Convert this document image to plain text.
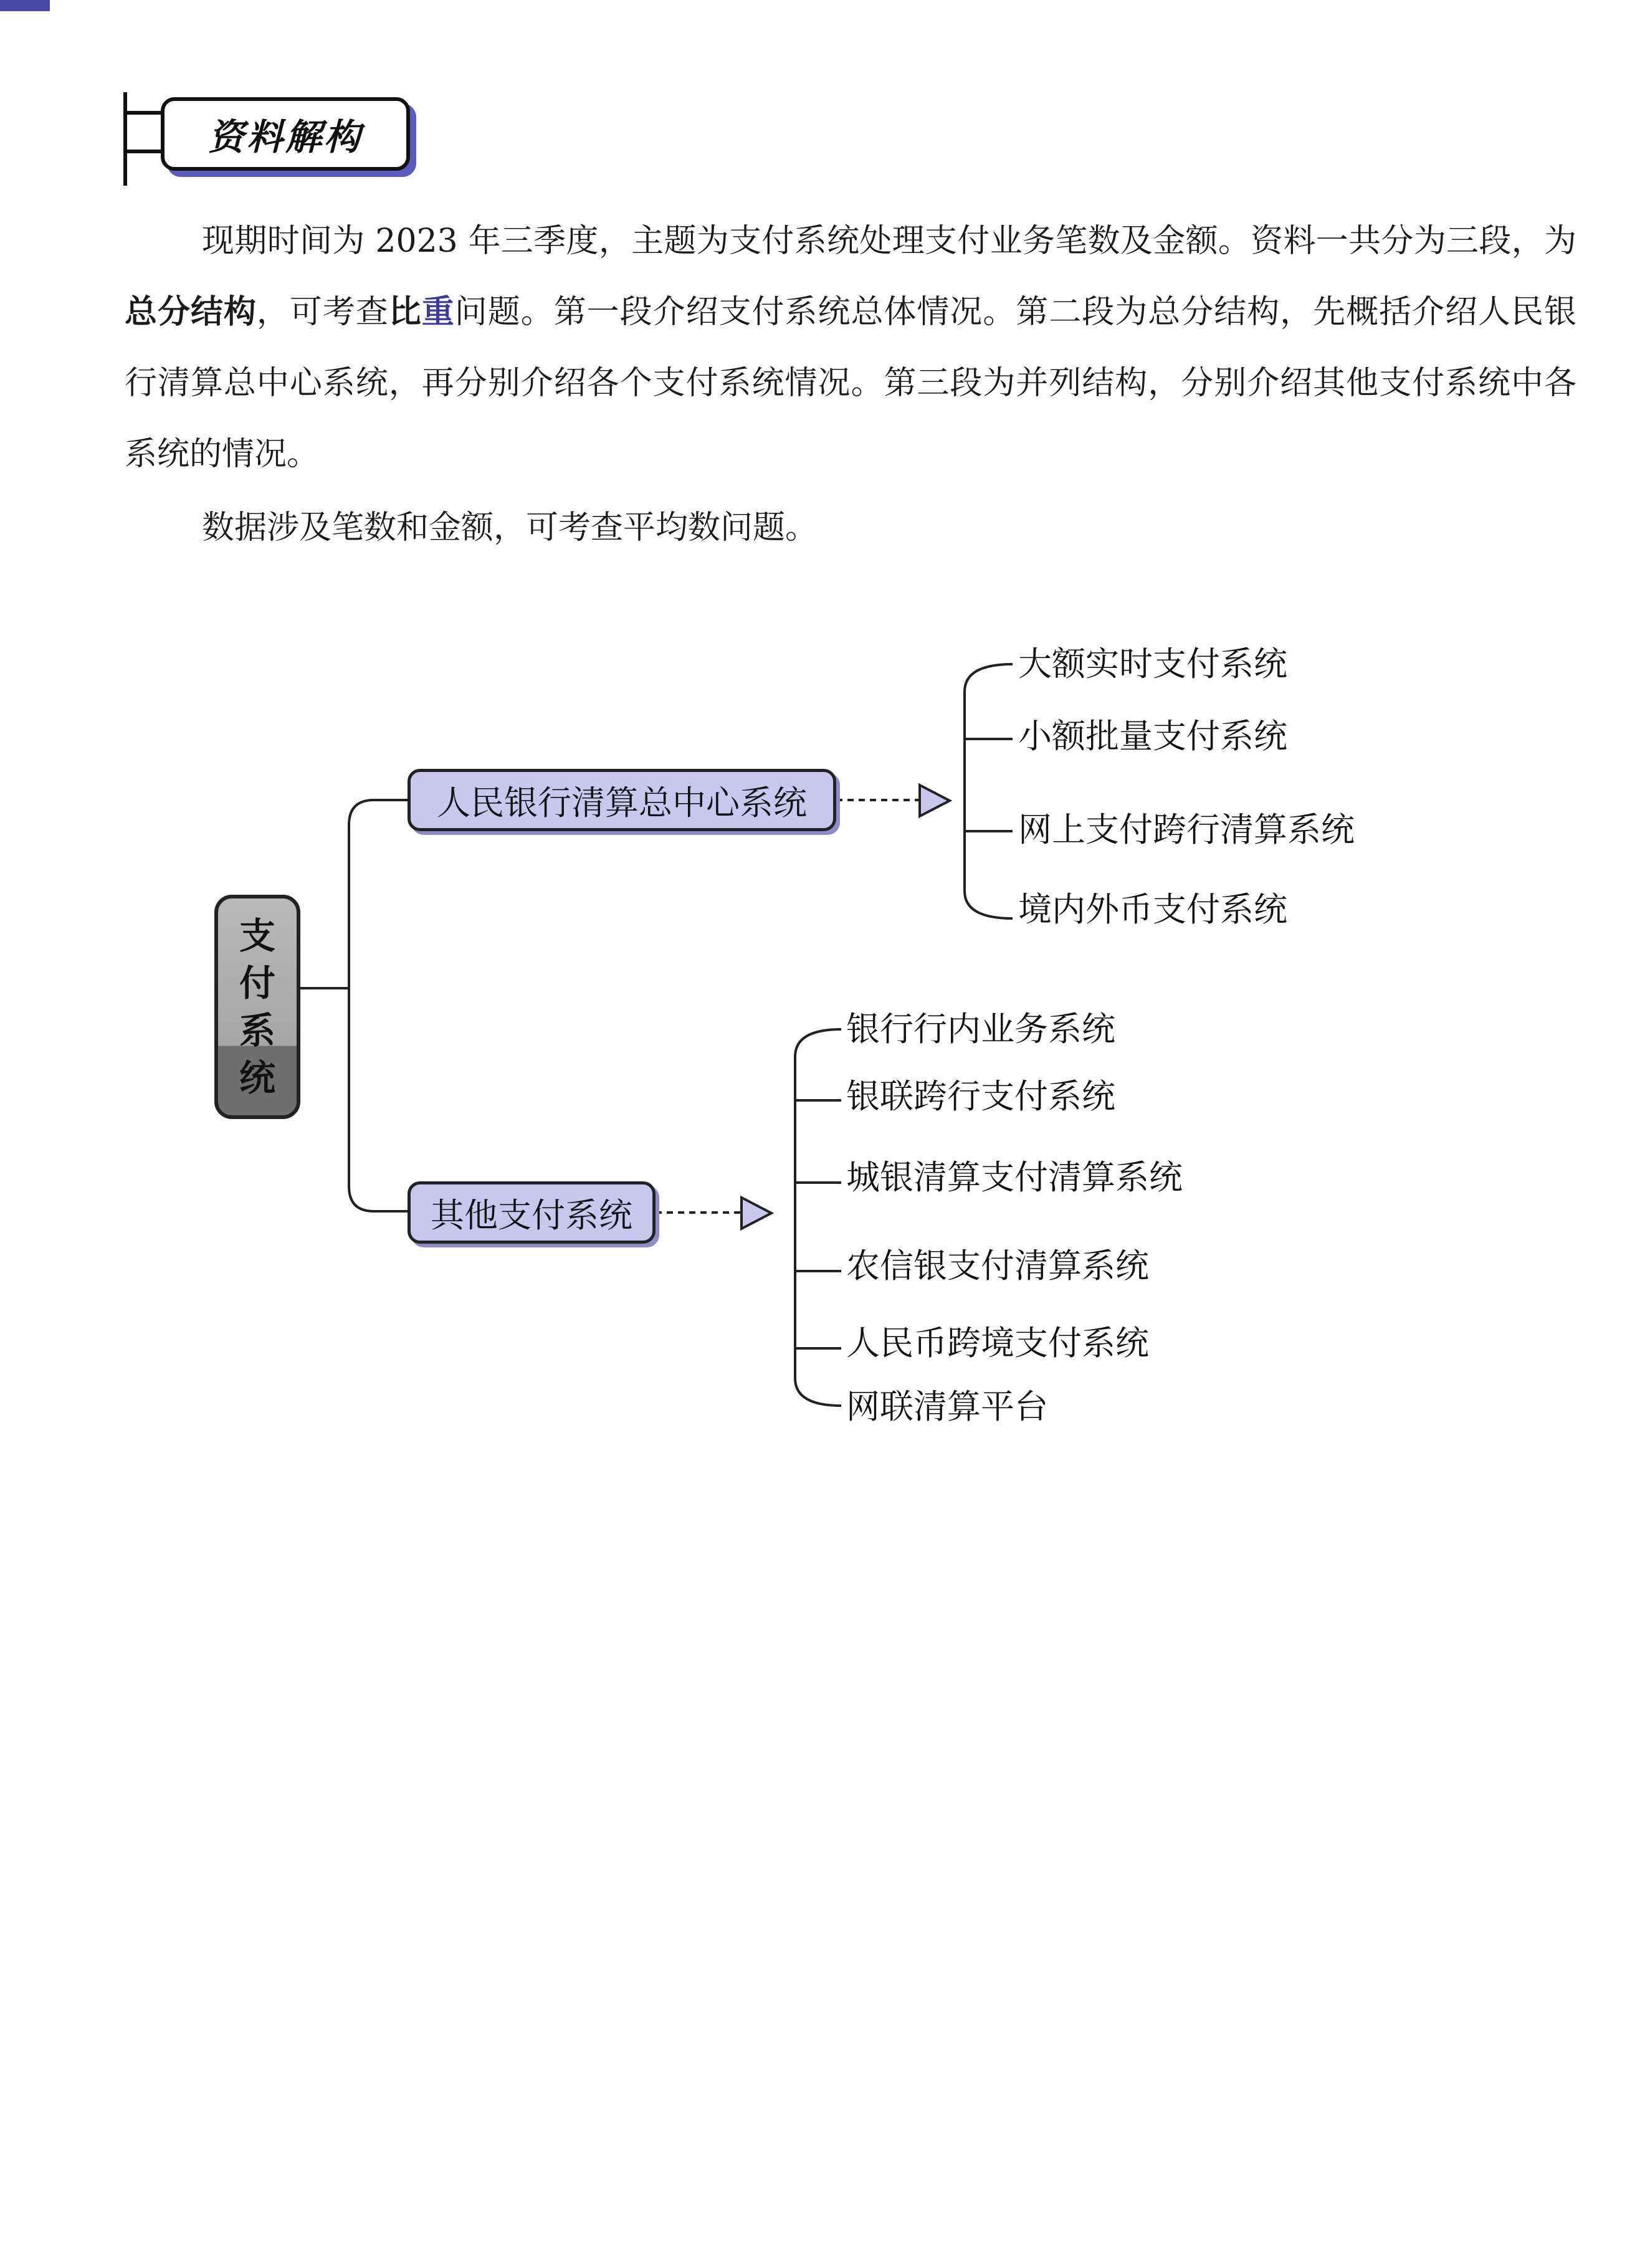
资料解构

现期时间为 2023 年三季度，主题为支付系统处理支付业务笔数及金额。资料一共分为三段，为总分结构，可考查比重问题。第一段介绍支付系统总体情况。第二段为总分结构，先概括介绍人民银行清算总中心系统，再分别介绍各个支付系统情况。第三段为并列结构，分别介绍其他支付系统中各系统的情况。

数据涉及笔数和金额，可考查平均数问题。

支
付
系
统
人民银行清算总中心系统
其他支付系统
大额实时支付系统
小额批量支付系统
网上支付跨行清算系统
境内外币支付系统
银行行内业务系统
银联跨行支付系统
城银清算支付清算系统
农信银支付清算系统
人民币跨境支付系统
网联清算平台
